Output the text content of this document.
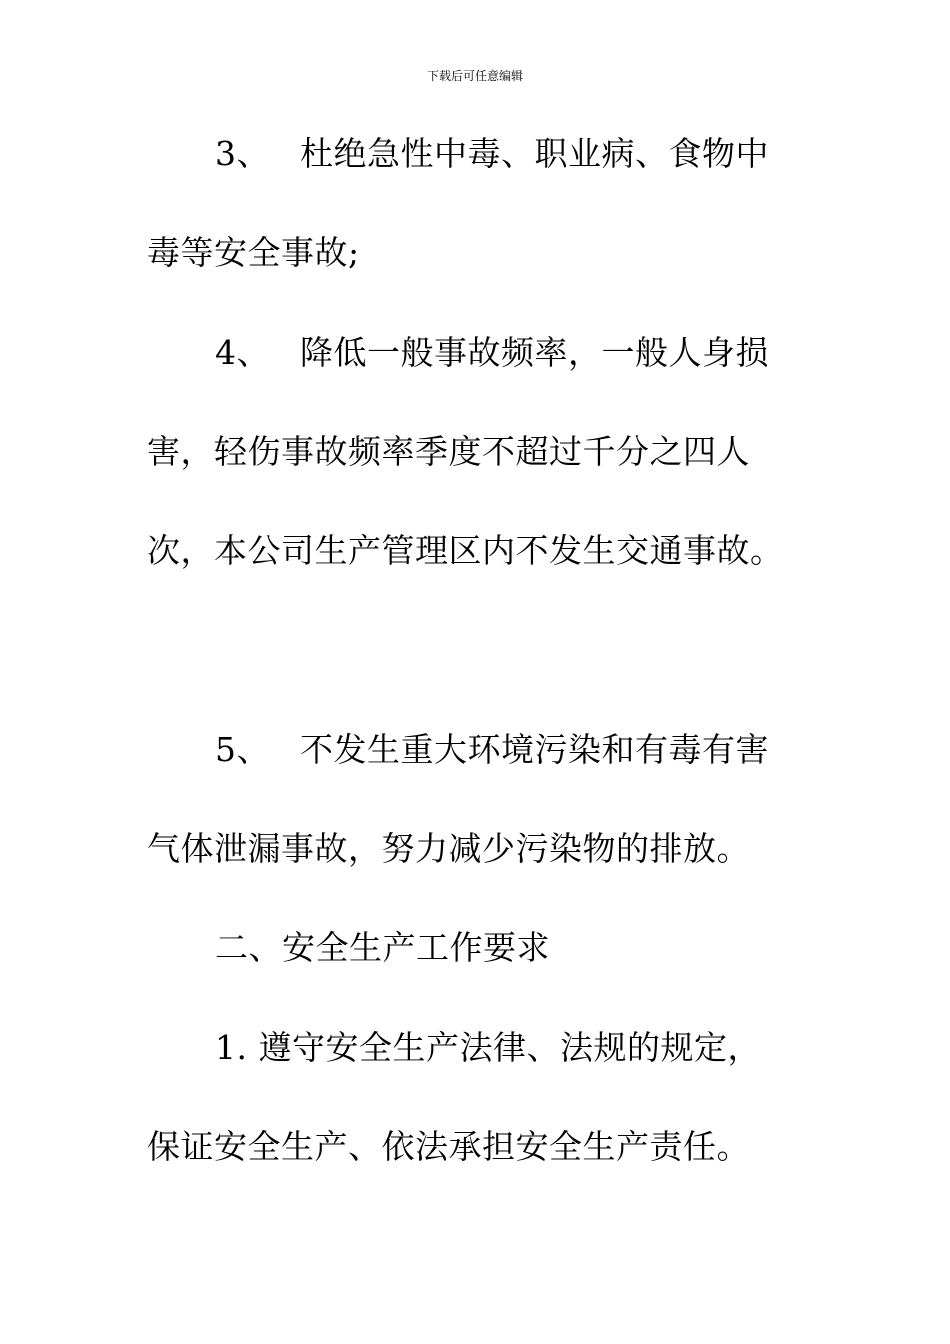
下载后可任意编辑
3、 杜绝急性中毒、职业病、食物中
毒等安全事故;
4、 降低一般事故频率，一般人身损
害，轻伤事故频率季度不超过千分之四人
次，本公司生产管理区内不发生交通事故。
5、 不发生重大环境污染和有毒有害
气体泄漏事故，努力减少污染物的排放。
二、安全生产工作要求
1. 遵守安全生产法律、法规的规定，
保证安全生产、依法承担安全生产责任。
